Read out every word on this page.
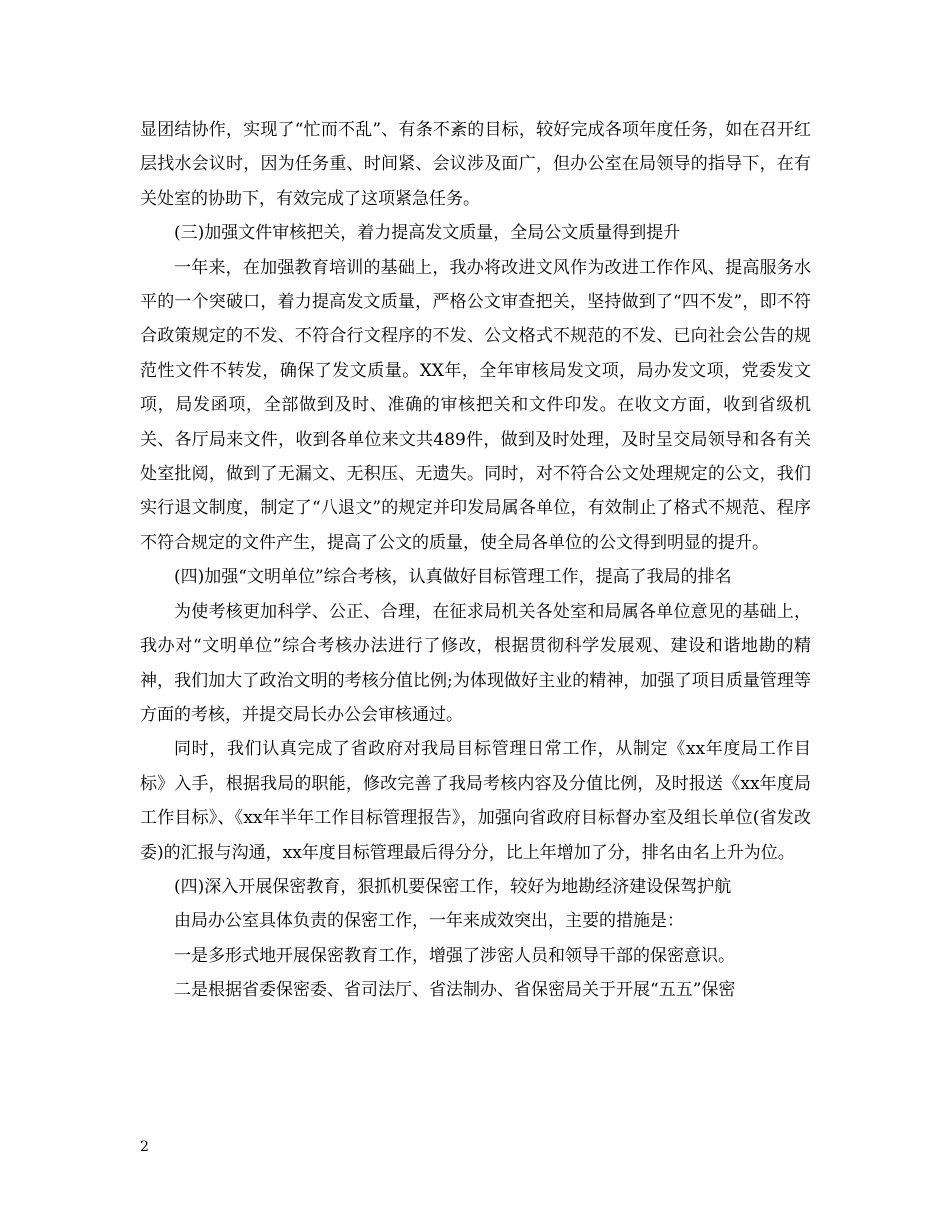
显团结协作，实现了“忙而不乱”、有条不紊的目标，较好完成各项年度任务，如在召开红层找水会议时，因为任务重、时间紧、会议涉及面广，但办公室在局领导的指导下，在有关处室的协助下，有效完成了这项紧急任务。

(三)加强文件审核把关，着力提高发文质量，全局公文质量得到提升

一年来，在加强教育培训的基础上，我办将改进文风作为改进工作作风、提高服务水平的一个突破口，着力提高发文质量，严格公文审查把关，坚持做到了“四不发”，即不符合政策规定的不发、不符合行文程序的不发、公文格式不规范的不发、已向社会公告的规范性文件不转发，确保了发文质量。XX年，全年审核局发文项，局办发文项，党委发文项，局发函项，全部做到及时、准确的审核把关和文件印发。在收文方面，收到省级机关、各厅局来文件，收到各单位来文共489件，做到及时处理，及时呈交局领导和各有关处室批阅，做到了无漏文、无积压、无遗失。同时，对不符合公文处理规定的公文，我们实行退文制度，制定了“八退文”的规定并印发局属各单位，有效制止了格式不规范、程序不符合规定的文件产生，提高了公文的质量，使全局各单位的公文得到明显的提升。

(四)加强“文明单位”综合考核，认真做好目标管理工作，提高了我局的排名

为使考核更加科学、公正、合理，在征求局机关各处室和局属各单位意见的基础上，我办对“文明单位”综合考核办法进行了修改，根据贯彻科学发展观、建设和谐地勘的精神，我们加大了政治文明的考核分值比例;为体现做好主业的精神，加强了项目质量管理等方面的考核，并提交局长办公会审核通过。

同时，我们认真完成了省政府对我局目标管理日常工作，从制定《xx年度局工作目标》入手，根据我局的职能，修改完善了我局考核内容及分值比例，及时报送《xx年度局工作目标》、《xx年半年工作目标管理报告》，加强向省政府目标督办室及组长单位(省发改委)的汇报与沟通，xx年度目标管理最后得分分，比上年增加了分，排名由名上升为位。

(四)深入开展保密教育，狠抓机要保密工作，较好为地勘经济建设保驾护航

由局办公室具体负责的保密工作，一年来成效突出，主要的措施是：

一是多形式地开展保密教育工作，增强了涉密人员和领导干部的保密意识。

二是根据省委保密委、省司法厅、省法制办、省保密局关于开展“五五”保密

2
